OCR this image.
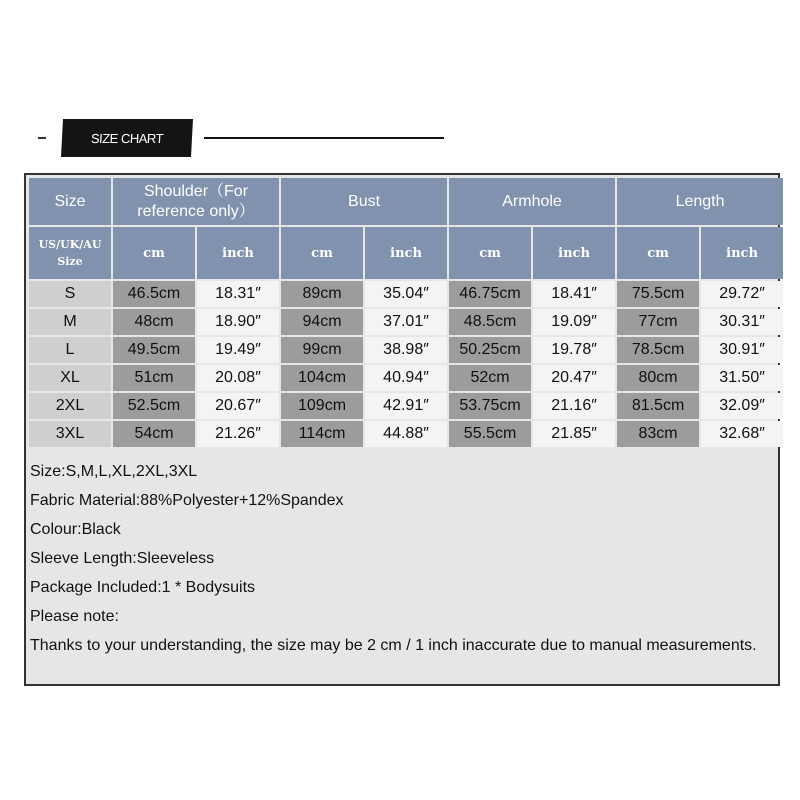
SIZE CHART
Size	Shoulder（For reference only）		Bust		Armhole		Length	
US/UK/AU Size	cm	inch	cm	inch	cm	inch	cm	inch
S	46.5cm	18.31″	89cm	35.04″	46.75cm	18.41″	75.5cm	29.72″
M	48cm	18.90″	94cm	37.01″	48.5cm	19.09″	77cm	30.31″
L	49.5cm	19.49″	99cm	38.98″	50.25cm	19.78″	78.5cm	30.91″
XL	51cm	20.08″	104cm	40.94″	52cm	20.47″	80cm	31.50″
2XL	52.5cm	20.67″	109cm	42.91″	53.75cm	21.16″	81.5cm	32.09″
3XL	54cm	21.26″	114cm	44.88″	55.5cm	21.85″	83cm	32.68″
Size:S,M,L,XL,2XL,3XL
Fabric Material:88%Polyester+12%Spandex
Colour:Black
Sleeve Length:Sleeveless
Package Included:1 * Bodysuits
Please note:
Thanks to your understanding, the size may be 2 cm / 1 inch inaccurate due to manual measurements.
